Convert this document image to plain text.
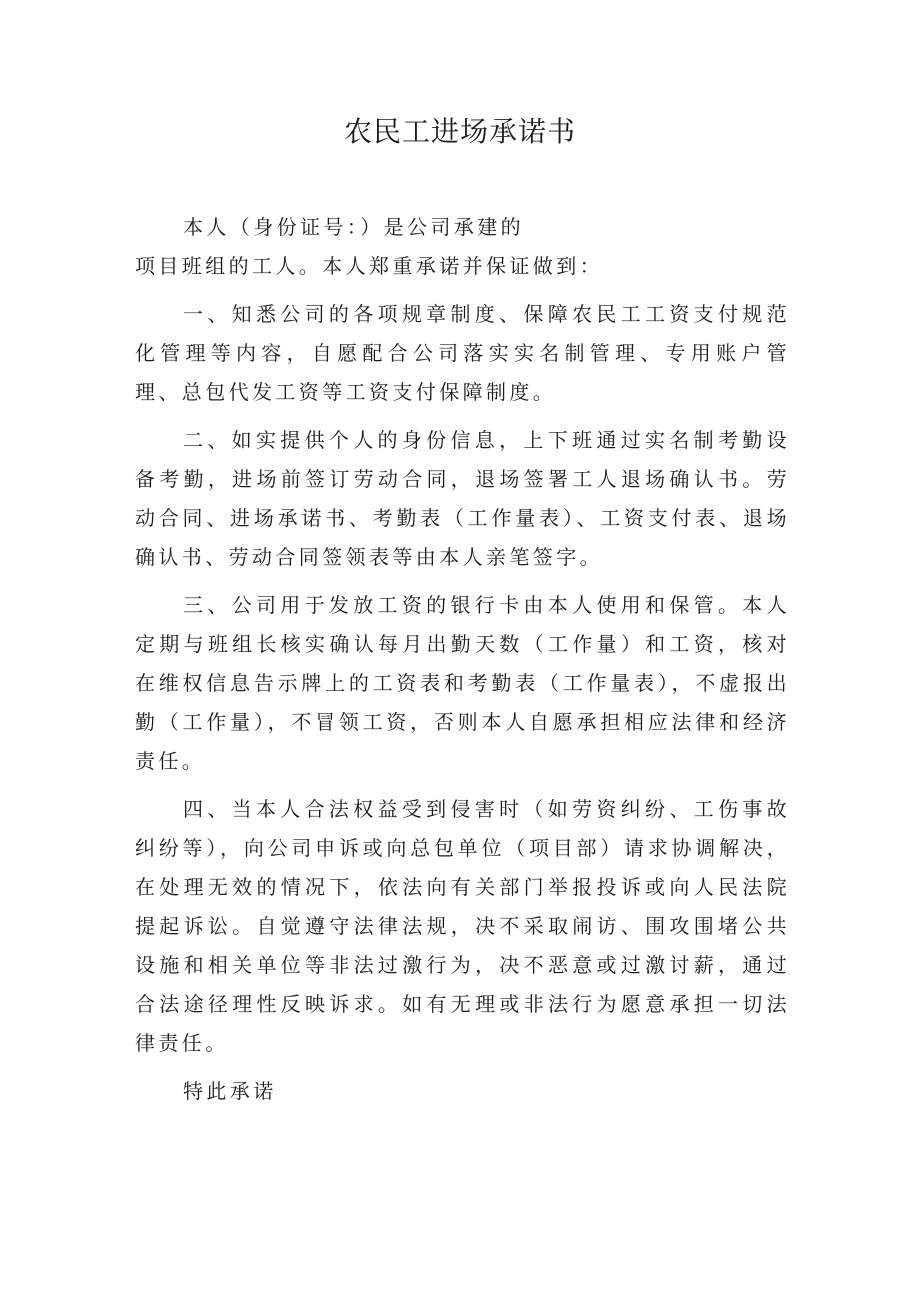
农民工进场承诺书

本人（身份证号：）是公司承建的
项目班组的工人。本人郑重承诺并保证做到：

一、知悉公司的各项规章制度、保障农民工工资支付规范化管理等内容，自愿配合公司落实实名制管理、专用账户管理、总包代发工资等工资支付保障制度。

二、如实提供个人的身份信息，上下班通过实名制考勤设备考勤，进场前签订劳动合同，退场签署工人退场确认书。劳动合同、进场承诺书、考勤表（工作量表）、工资支付表、退场确认书、劳动合同签领表等由本人亲笔签字。

三、公司用于发放工资的银行卡由本人使用和保管。本人定期与班组长核实确认每月出勤天数（工作量）和工资，核对在维权信息告示牌上的工资表和考勤表（工作量表），不虚报出勤（工作量），不冒领工资，否则本人自愿承担相应法律和经济责任。

四、当本人合法权益受到侵害时（如劳资纠纷、工伤事故纠纷等），向公司申诉或向总包单位（项目部）请求协调解决，在处理无效的情况下，依法向有关部门举报投诉或向人民法院提起诉讼。自觉遵守法律法规，决不采取闹访、围攻围堵公共设施和相关单位等非法过激行为，决不恶意或过激讨薪，通过合法途径理性反映诉求。如有无理或非法行为愿意承担一切法律责任。

特此承诺
